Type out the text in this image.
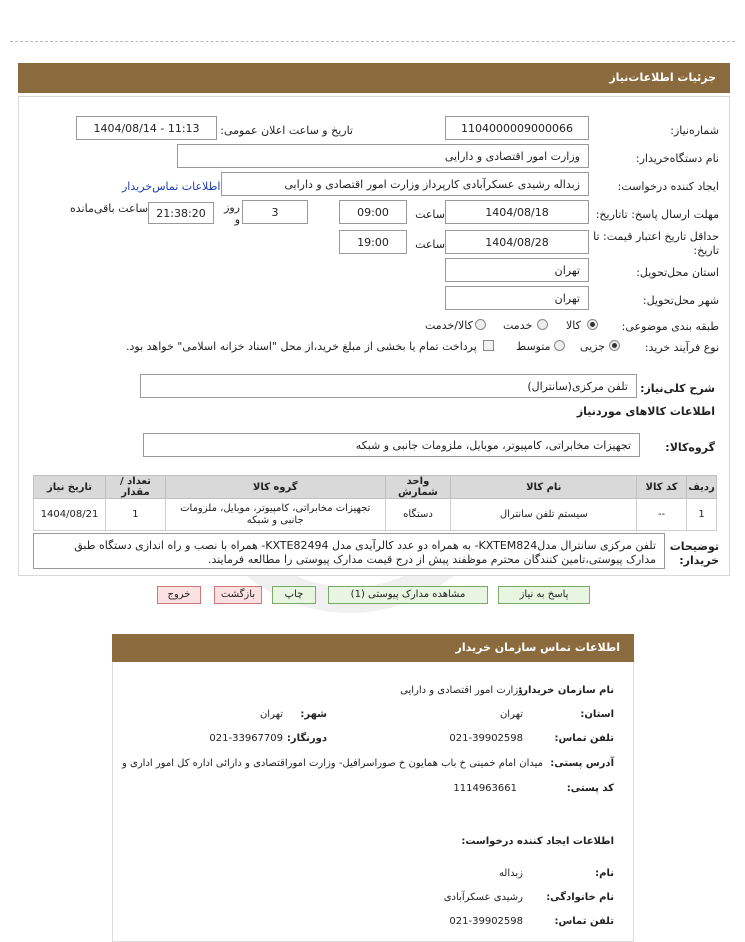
جزئیات اطلاعات‌نیاز
شماره‌نیاز:
1104000009000066
تاریخ و ساعت اعلان عمومی:
1404/08/14 - 11:13
نام دستگاه‌خریدار:
وزارت امور اقتصادی و دارایی
ایجاد کننده درخواست:
زبداله رشیدی عسکرآبادی کارپرداز وزارت امور اقتصادی و دارایی
اطلاعات تماس‌خریدار
مهلت ارسال پاسخ: تاتاریخ:
1404/08/18
ساعت
09:00
3
روز و
21:38:20
ساعت باقی‌مانده
حداقل تاریخ اعتبار قیمت: تا
تاریخ:
1404/08/28
ساعت
19:00
استان محل‌تحویل:
تهران
شهر محل‌تحویل:
تهران
طبقه بندی موضوعی:
کالا
خدمت
کالا/خدمت
نوع فرآیند خرید:
جزیی
متوسط
پرداخت تمام یا بخشی از مبلغ خرید،از محل "اسناد خزانه اسلامی" خواهد بود.
شرح کلی‌نیاز:
تلفن مرکزی(سانترال)
اطلاعات کالاهای موردنیاز
گروه‌کالا:
تجهیزات مخابراتی، کامپیوتر، موبایل، ملزومات جانبی و شبکه
ردیف	کد کالا	نام کالا	واحد شمارش	گروه کالا	تعداد / مقدار	تاریخ نیاز
1	--	سیستم تلفن سانترال	دستگاه	تجهیزات مخابراتی، کامپیوتر، موبایل، ملزومات جانبی و شبکه	1	1404/08/21
توضیحات خریدار:
تلفن مرکزی سانترال مدلKXTEM824- به همراه دو عدد کالرآیدی مدل KXTE82494- همراه با نصب و راه اندازی دستگاه طبق مدارک پیوستی،تامین کنندگان محترم موظفند پیش از درج قیمت مدارک پیوستی را مطالعه فرمایند.
پاسخ به نیاز
مشاهده مدارک پیوستی (1)
چاپ
بازگشت
خروج
اطلاعات تماس سازمان خریدار
نام سازمان خریدار:
وزارت امور اقتصادی و دارایی
استان:
تهران
شهر:
تهران
تلفن تماس:
021-39902598
دورنگار:
021-33967709
آدرس پستی:
میدان امام خمینی خ باب همایون خ صوراسرافیل- وزارت اموراقتصادی و دارائی اداره کل امور اداری و
کد پستی:
1114963661
اطلاعات ایجاد کننده درخواست:
نام:
زبداله
نام خانوادگی:
رشیدی عسکرآبادی
تلفن تماس:
021-39902598
